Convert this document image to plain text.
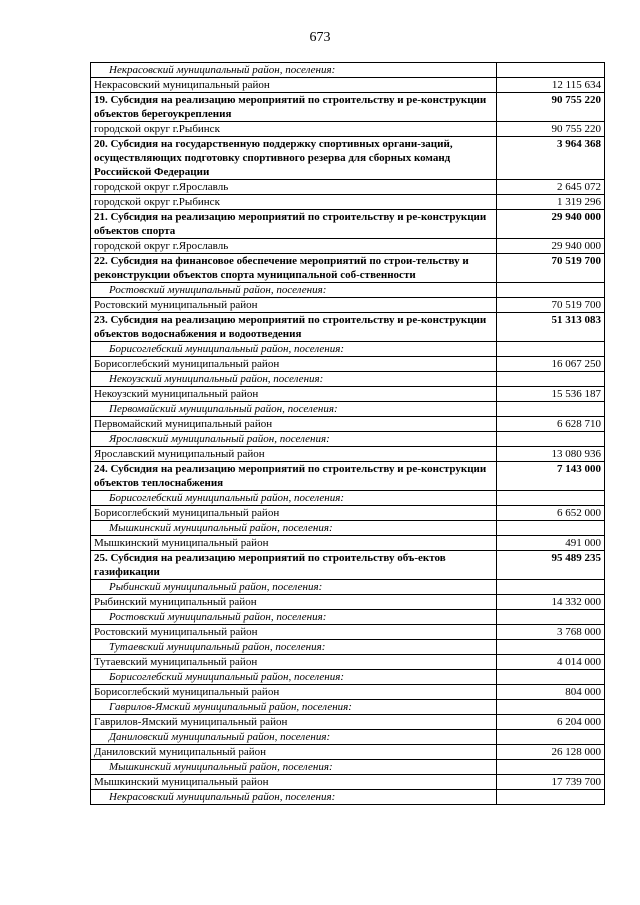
673
Некрасовский муниципальный район, поселения:	
Некрасовский муниципальный район	12 115 634
19. Субсидия на реализацию мероприятий по строительству и ре-конструкции объектов берегоукрепления	90 755 220
городской округ г.Рыбинск	90 755 220
20. Субсидия на государственную поддержку спортивных органи-заций, осуществляющих подготовку спортивного резерва для сборных команд Российской Федерации	3 964 368
городской округ г.Ярославль	2 645 072
городской округ г.Рыбинск	1 319 296
21. Субсидия на реализацию мероприятий по строительству и ре-конструкции объектов спорта	29 940 000
городской округ г.Ярославль	29 940 000
22. Субсидия на финансовое обеспечение мероприятий по строи-тельству и реконструкции объектов спорта муниципальной соб-ственности	70 519 700
Ростовский муниципальный район, поселения:	
Ростовский муниципальный район	70 519 700
23. Субсидия на реализацию мероприятий по строительству и ре-конструкции объектов водоснабжения и водоотведения	51 313 083
Борисоглебский муниципальный район, поселения:	
Борисоглебский муниципальный район	16 067 250
Некоузский муниципальный район, поселения:	
Некоузский муниципальный район	15 536 187
Первомайский муниципальный район, поселения:	
Первомайский муниципальный район	6 628 710
Ярославский муниципальный район, поселения:	
Ярославский муниципальный район	13 080 936
24. Субсидия на реализацию мероприятий по строительству и ре-конструкции объектов теплоснабжения	7 143 000
Борисоглебский муниципальный район, поселения:	
Борисоглебский муниципальный район	6 652 000
Мышкинский муниципальный район, поселения:	
Мышкинский муниципальный район	491 000
25. Субсидия на реализацию мероприятий по строительству объ-ектов газификации	95 489 235
Рыбинский муниципальный район, поселения:	
Рыбинский муниципальный район	14 332 000
Ростовский муниципальный район, поселения:	
Ростовский муниципальный район	3 768 000
Тутаевский муниципальный район, поселения:	
Тутаевский муниципальный район	4 014 000
Борисоглебский муниципальный район, поселения:	
Борисоглебский муниципальный район	804 000
Гаврилов-Ямский муниципальный район, поселения:	
Гаврилов-Ямский муниципальный район	6 204 000
Даниловский муниципальный район, поселения:	
Даниловский муниципальный район	26 128 000
Мышкинский муниципальный район, поселения:	
Мышкинский муниципальный район	17 739 700
Некрасовский муниципальный район, поселения:	
